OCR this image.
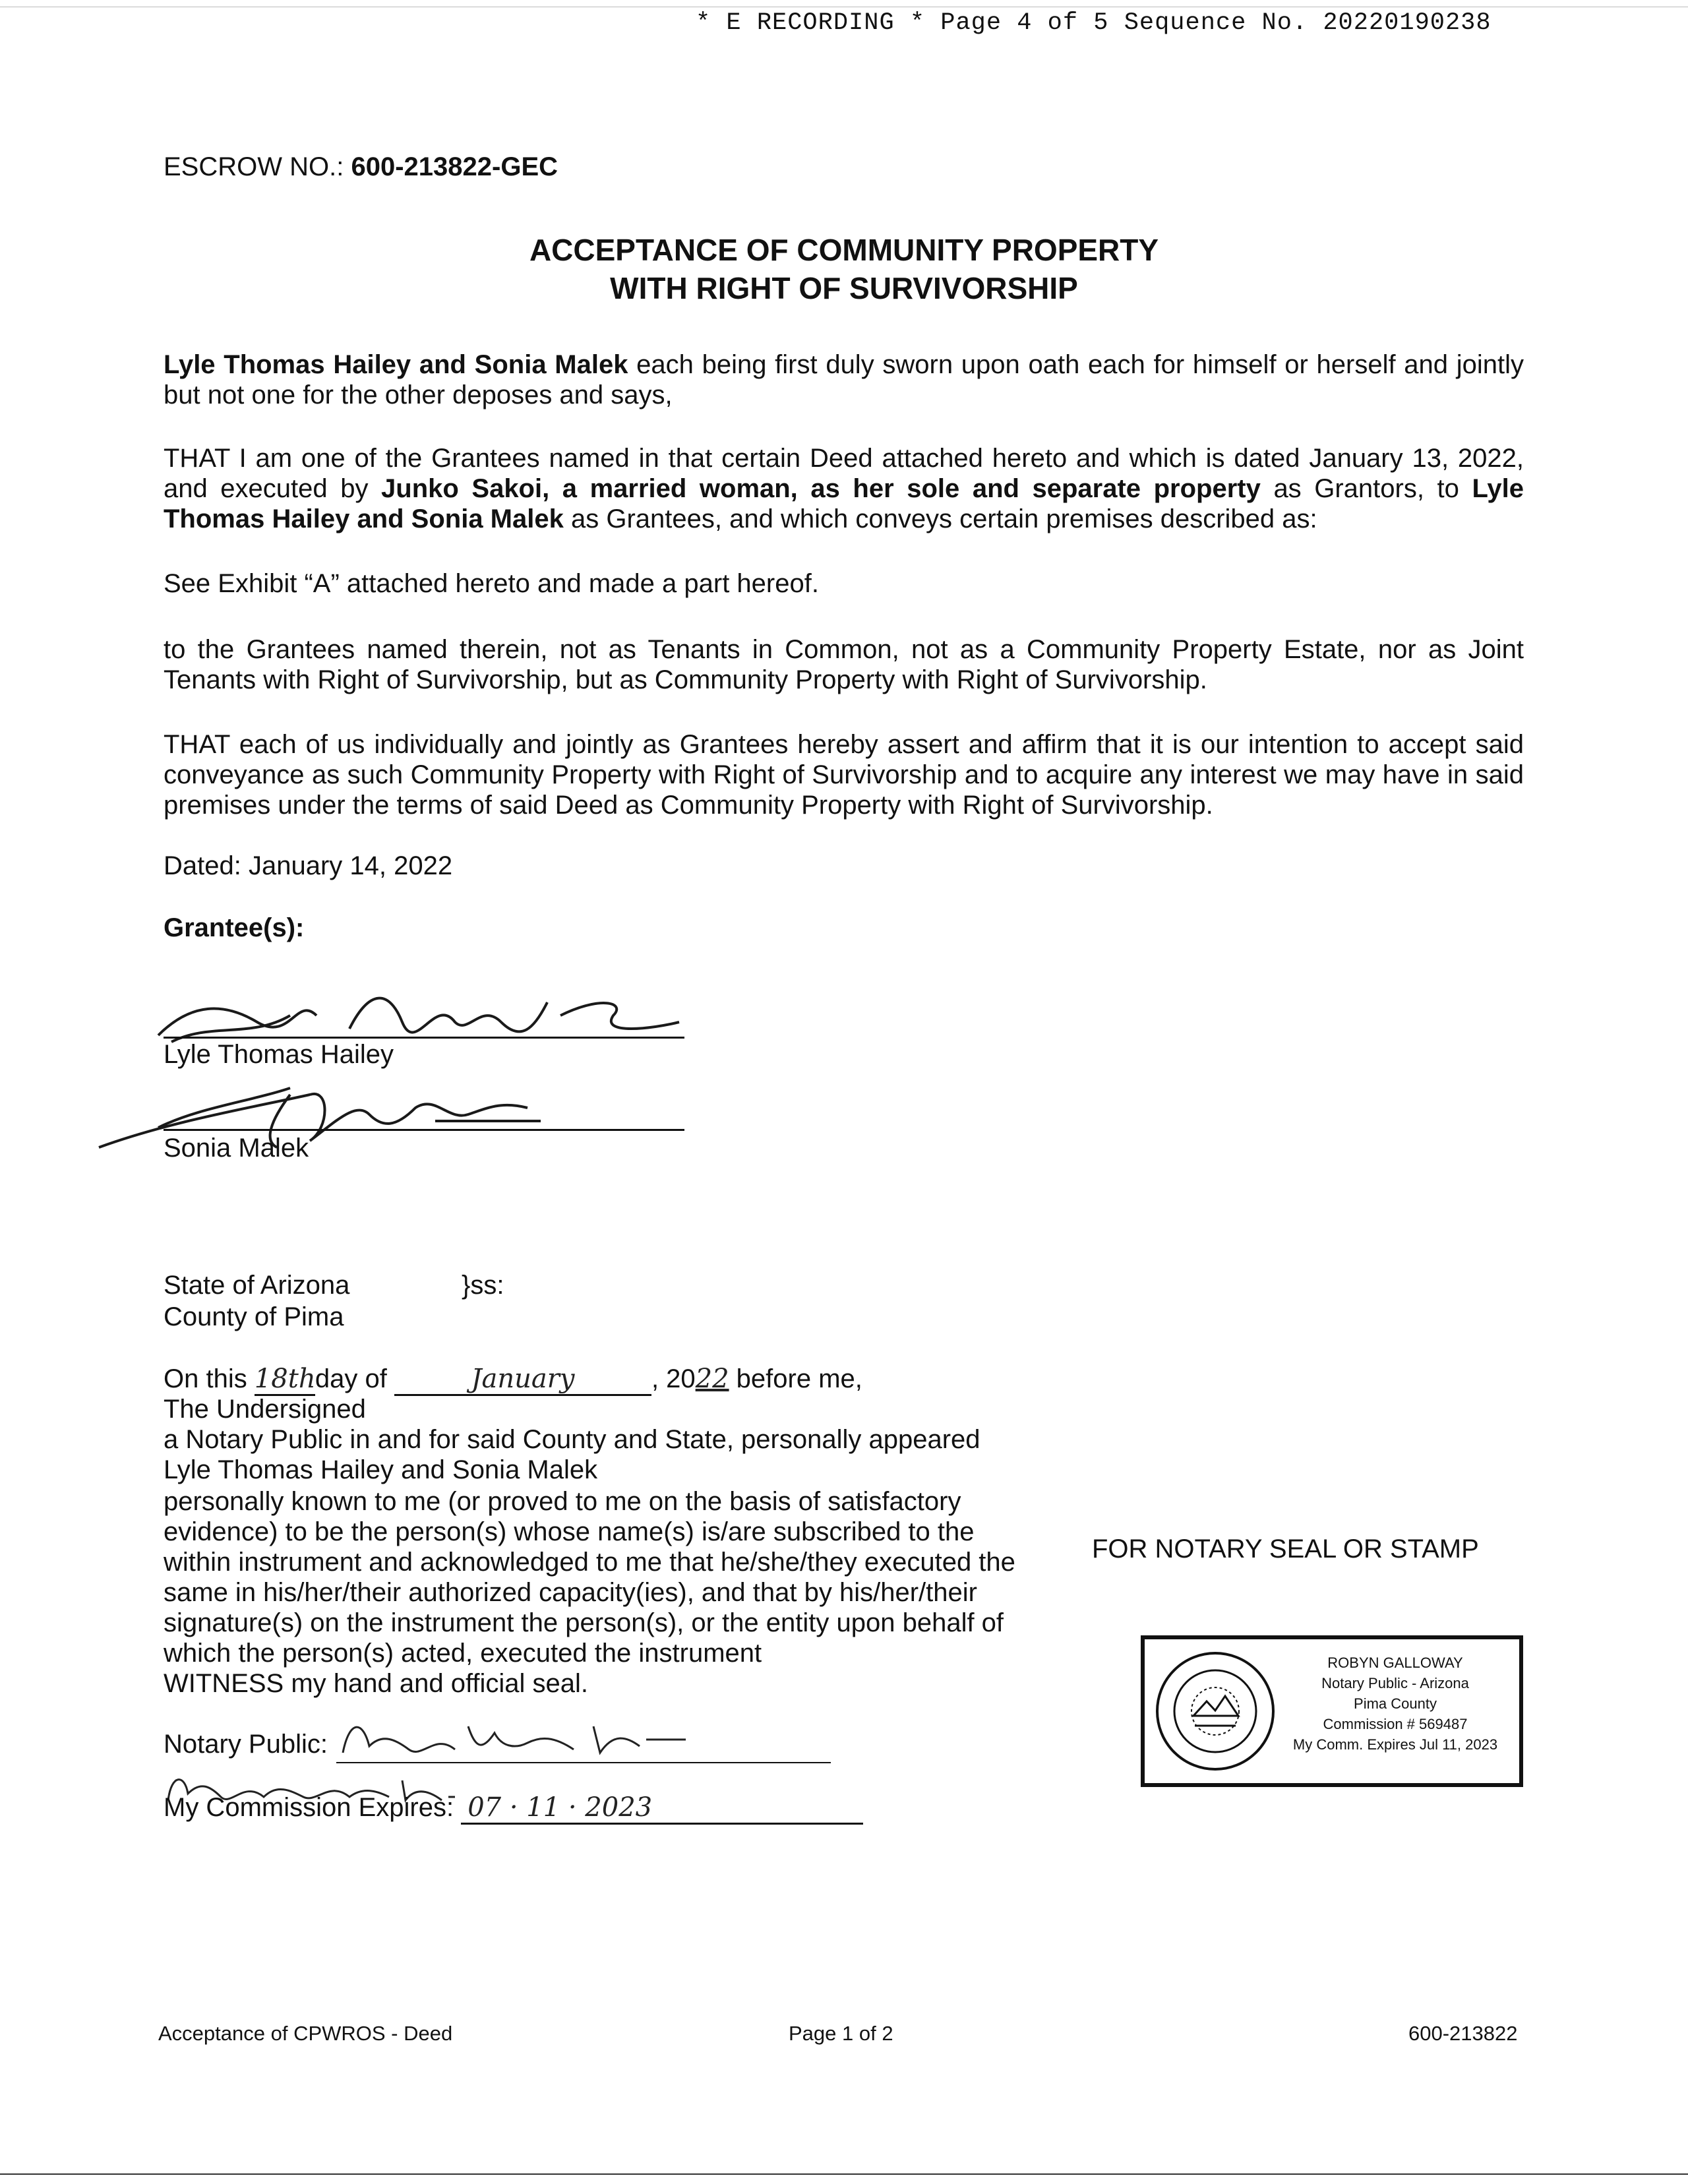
* E RECORDING * Page 4 of 5 Sequence No. 20220190238
ESCROW NO.: 600-213822-GEC
ACCEPTANCE OF COMMUNITY PROPERTY
WITH RIGHT OF SURVIVORSHIP
Lyle Thomas Hailey and Sonia Malek each being first duly sworn upon oath each for himself or herself and jointly but not one for the other deposes and says,
THAT I am one of the Grantees named in that certain Deed attached hereto and which is dated January 13, 2022, and executed by Junko Sakoi, a married woman, as her sole and separate property as Grantors, to Lyle Thomas Hailey and Sonia Malek as Grantees, and which conveys certain premises described as:
See Exhibit “A” attached hereto and made a part hereof.
to the Grantees named therein, not as Tenants in Common, not as a Community Property Estate, nor as Joint Tenants with Right of Survivorship, but as Community Property with Right of Survivorship.
THAT each of us individually and jointly as Grantees hereby assert and affirm that it is our intention to accept said conveyance as such Community Property with Right of Survivorship and to acquire any interest we may have in said premises under the terms of said Deed as Community Property with Right of Survivorship.
Dated: January 14, 2022
Grantee(s):
Lyle Thomas Hailey
Sonia Malek
State of Arizona	}ss:
County of Pima
On this 18thday of	January	, 2022 before me,
The Undersigned
a Notary Public in and for said County and State, personally appeared
Lyle Thomas Hailey and Sonia Malek
personally known to me (or proved to me on the basis of satisfactory
evidence) to be the person(s) whose name(s) is/are subscribed to the
within instrument and acknowledged to me that he/she/they executed the
same in his/her/their authorized capacity(ies), and that by his/her/their
signature(s) on the instrument the person(s), or the entity upon behalf of
which the person(s) acted, executed the instrument
WITNESS my hand and official seal.
Notary Public:
My Commission Expires: 07 · 11 · 2023
FOR NOTARY SEAL OR STAMP
ROBYN GALLOWAY
Notary Public - Arizona
Pima County
Commission # 569487
My Comm. Expires Jul 11, 2023
Acceptance of CPWROS - Deed	Page 1 of 2	600-213822
